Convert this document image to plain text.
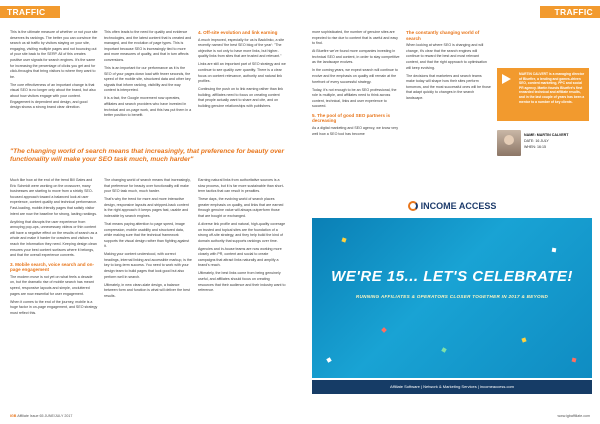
TRAFFIC	TRAFFIC

This is the ultimate measure of whether or not your site deserves its rankings. The better you can convince the search us sit traffic by visitors staying on your site, engaging, visiting multiple pages and not bouncing out of your site back to the SERP. All of this creates positive user signals for search engines. It's the same for increasing the percentage of clicks you get and for click-throughs that bring visitors to where they want to be.

The core effectiveness of an important change is that visual SEO is no longer only about the brand, but also about how visitors engage with your content. Engagement is dependent and design, and good design shows a strong brand clear direction.

"The changing world of search means that increasingly, that preference for beauty over functionality will make your SEO task much, much harder"

Much like how at the end of the trend Bill Gates and Eric Schmidt were working on the crossover, many businesses are starting to move from a strictly SEO-focused approach toward a balanced look at user experience, content quality and technical performance. Fast-loading, mobile-friendly pages that satisfy visitor intent are now the baseline for strong, lasting rankings.

Anything that disrupts the user experience from annoying pop-ups, unnecessary videos or thin content will have a negative effect on the results of search as a whole and make it harder for crawlers and visitors to reach the information they need. Keeping design clean ensures your best content surfaces where it belongs, and that the overall experience converts.

3. Mobile search, voice search and on-page engagement

The modern move is not yet on what feels a decade on, but the dramatic rise of mobile search has meant speed, responsive layouts and simple, uncluttered pages are now essential for user engagement.

When it comes to the end of the journey, mobile is a huge factor in on-page engagement, and SEO strategy must reflect this.

This often leads to the need for quality and evidence technologies, and the latest content that is created and managed, and the evolution of page types. This is important because SEO is increasingly tied to more and more measures of quality, and that in turn affects conversions.

This is an important for our performance as it is the SEO of your pages down load with fewer seconds, the speed of the mobile site, structured data and other key signals that inform ranking, visibility and the way content is interpreted.

It is a fact, the Google movement now operates, affiliates and search providers who have invested in technical and on-page work, and this has put them in a better position to benefit.

The changing world of search means that increasingly, that preference for beauty over functionality will make your SEO task much, much harder.

That's why the trend for more and more interactive design, responsive layouts and stripped-back content is the right approach: it keeps pages fast, usable and indexable by search engines.

That means paying attention to page speed, image compression, mobile usability and structured data, while making sure that the technical framework supports the visual design rather than fighting against it.

Making your content understood, with correct headings, internal linking and accessible markup, is the key to long-term success. You need to work with your design team to build pages that look good but also perform well in search.

Ultimately, in new clean-slate design, a balance between form and function is what will deliver the best results.

4. Off-site evolution and link earning

A much improved, especially for us is Backlinko, a site recently named 'the best SEO blog of the year': "The objective is not only to have more links, but higher-quality links from sites that are trusted and relevant."

Links are still an important part of SEO strategy and we continue to see quality over quantity. There is a clear focus on content relevance, authority and natural link profiles.

Continuing the push on to link earning rather than link building, affiliates need to focus on creating content that people actually want to share and cite, and on building genuine relationships with publishers.

Earning natural links from authoritative sources is a slow process, but it is far more sustainable than short-term tactics that can result in penalties.

These days, the evolving world of search places greater emphasis on quality, and links that are earned through genuine value will always outperform those that are bought or exchanged.

A diverse link profile and natural, high-quality coverage on trusted and topical sites are the foundation of a strong off-site strategy, and they help build the kind of domain authority that supports rankings over time.

Agencies and in-house teams are now working more closely with PR, content and social to create campaigns that attract links naturally and amplify a brand's reach.

Ultimately, the best links come from being genuinely useful, and affiliates should focus on creating resources that their audience and their industry want to reference.

more sophisticated, the number of genuine sites are expected to rise due to content that is useful and easy to find.

At Bluefire we've found more companies investing in technical SEO and content, in order to stay competitive as the landscape evolves.

In the coming years, we expect search will continue to evolve and the emphasis on quality will remain at the forefront of every successful strategy.

Today, it's not enough to be an SEO professional, the role is multiple, and affiliates need to think across content, technical, links and user experience to succeed.

5. The pool of good SEO partners is decreasing

As a digital marketing and SEO agency, we know very well how a SEO tool has become

The constantly changing world of search

When looking at where SEO is changing and will change, it's clear that the search engines will continue to reward the best and most relevant content, and that the right approach to optimisation will keep evolving.

The decisions that marketers and search teams make today will shape how their sites perform tomorrow, and the most successful ones will be those that adapt quickly to changes in the search landscape.

MARTIN CALVERT is a managing director of Bluefire, a lending and games-driven SEO, content marketing, PPC and social PR agency. Martin founds Bluefire's first rewarded technical and affiliate results, and in the last couple of years has been a mentor to a number of key clients.
NAME: MARTIN CALVERT
DATE: 16 JULY
WHEN: 16:15
INCOME ACCESS
WE'RE 15... LET'S CELEBRATE!
RUNNING AFFILIATES & OPERATORS CLOSER TOGETHER IN 2017 & BEYOND
Affiliate Software | Network & Marketing Services | incomeaccess.com
IGB Affiliate Issue 65 JUNE/JULY 2017	www.igbaffiliate.com
